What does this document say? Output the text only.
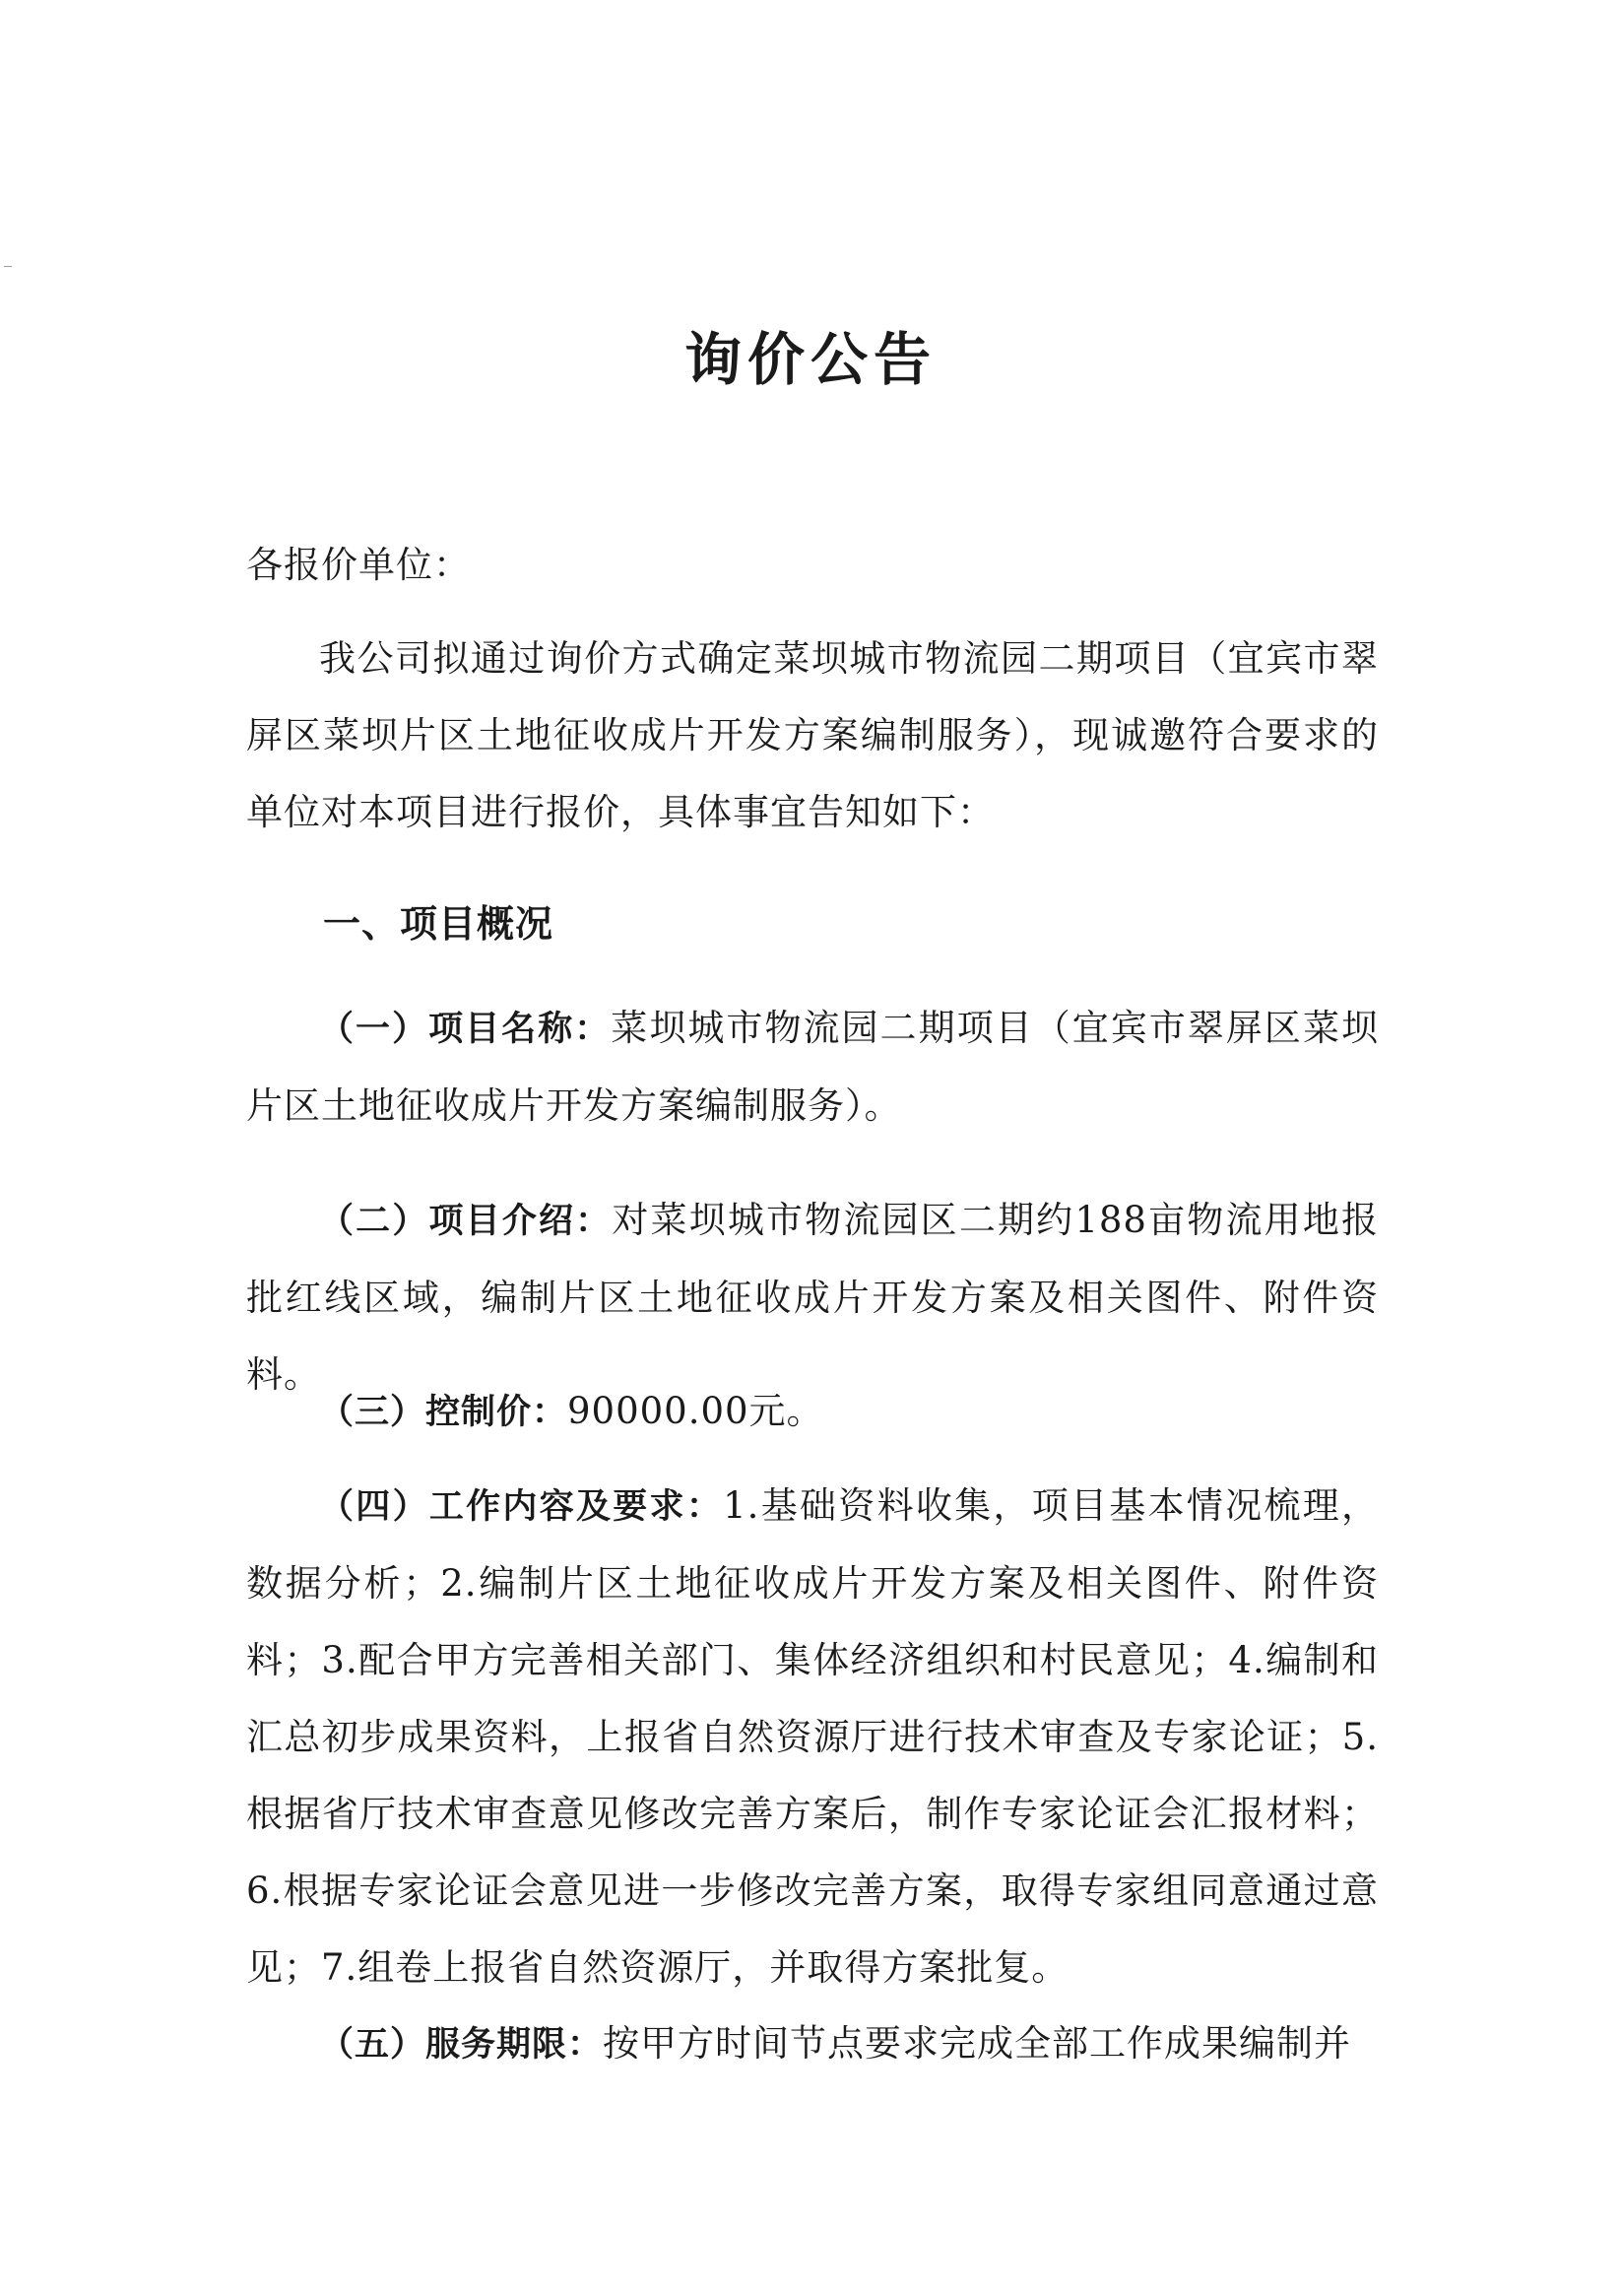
询价公告
各报价单位：
我公司拟通过询价方式确定菜坝城市物流园二期项目（宜宾市翠屏区菜坝片区土地征收成片开发方案编制服务），现诚邀符合要求的单位对本项目进行报价，具体事宜告知如下：
一、项目概况
（一）项目名称：菜坝城市物流园二期项目（宜宾市翠屏区菜坝片区土地征收成片开发方案编制服务）。
（二）项目介绍：对菜坝城市物流园区二期约188亩物流用地报批红线区域，编制片区土地征收成片开发方案及相关图件、附件资料。
（三）控制价：90000.00元。
（四）工作内容及要求：1.基础资料收集，项目基本情况梳理，数据分析；2.编制片区土地征收成片开发方案及相关图件、附件资料；3.配合甲方完善相关部门、集体经济组织和村民意见；4.编制和汇总初步成果资料，上报省自然资源厅进行技术审查及专家论证；5.根据省厅技术审查意见修改完善方案后，制作专家论证会汇报材料；6.根据专家论证会意见进一步修改完善方案，取得专家组同意通过意见；7.组卷上报省自然资源厅，并取得方案批复。
（五）服务期限：按甲方时间节点要求完成全部工作成果编制并
